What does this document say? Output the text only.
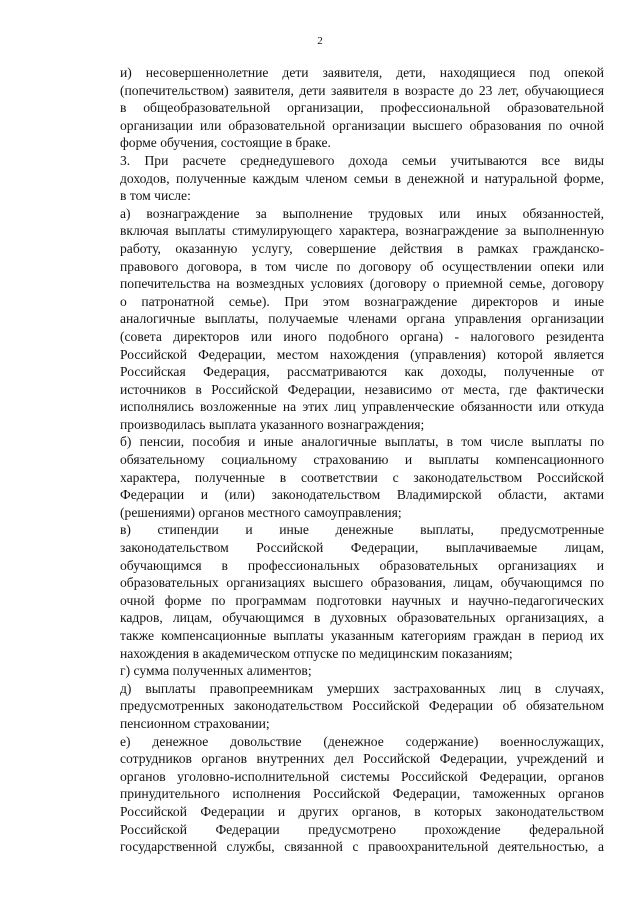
2

и) несовершеннолетние дети заявителя, дети, находящиеся под опекой
(попечительством) заявителя, дети заявителя в возрасте до 23 лет, обучающиеся
в общеобразовательной организации, профессиональной образовательной
организации или образовательной организации высшего образования по очной
форме обучения, состоящие в браке.

3. При расчете среднедушевого дохода семьи учитываются все виды
доходов, полученные каждым членом семьи в денежной и натуральной форме,
в том числе:

а) вознаграждение за выполнение трудовых или иных обязанностей,
включая выплаты стимулирующего характера, вознаграждение за выполненную
работу, оказанную услугу, совершение действия в рамках гражданско-
правового договора, в том числе по договору об осуществлении опеки или
попечительства на возмездных условиях (договору о приемной семье, договору
о патронатной семье). При этом вознаграждение директоров и иные
аналогичные выплаты, получаемые членами органа управления организации
(совета директоров или иного подобного органа) - налогового резидента
Российской Федерации, местом нахождения (управления) которой является
Российская Федерация, рассматриваются как доходы, полученные от
источников в Российской Федерации, независимо от места, где фактически
исполнялись возложенные на этих лиц управленческие обязанности или откуда
производилась выплата указанного вознаграждения;

б) пенсии, пособия и иные аналогичные выплаты, в том числе выплаты по
обязательному социальному страхованию и выплаты компенсационного
характера, полученные в соответствии с законодательством Российской
Федерации и (или) законодательством Владимирской области, актами
(решениями) органов местного самоуправления;

в) стипендии и иные денежные выплаты, предусмотренные
законодательством Российской Федерации, выплачиваемые лицам,
обучающимся в профессиональных образовательных организациях и
образовательных организациях высшего образования, лицам, обучающимся по
очной форме по программам подготовки научных и научно-педагогических
кадров, лицам, обучающимся в духовных образовательных организациях, а
также компенсационные выплаты указанным категориям граждан в период их
нахождения в академическом отпуске по медицинским показаниям;

г) сумма полученных алиментов;

д) выплаты правопреемникам умерших застрахованных лиц в случаях,
предусмотренных законодательством Российской Федерации об обязательном
пенсионном страховании;

е) денежное довольствие (денежное содержание) военнослужащих,
сотрудников органов внутренних дел Российской Федерации, учреждений и
органов уголовно-исполнительной системы Российской Федерации, органов
принудительного исполнения Российской Федерации, таможенных органов
Российской Федерации и других органов, в которых законодательством
Российской Федерации предусмотрено прохождение федеральной
государственной службы, связанной с правоохранительной деятельностью, а
